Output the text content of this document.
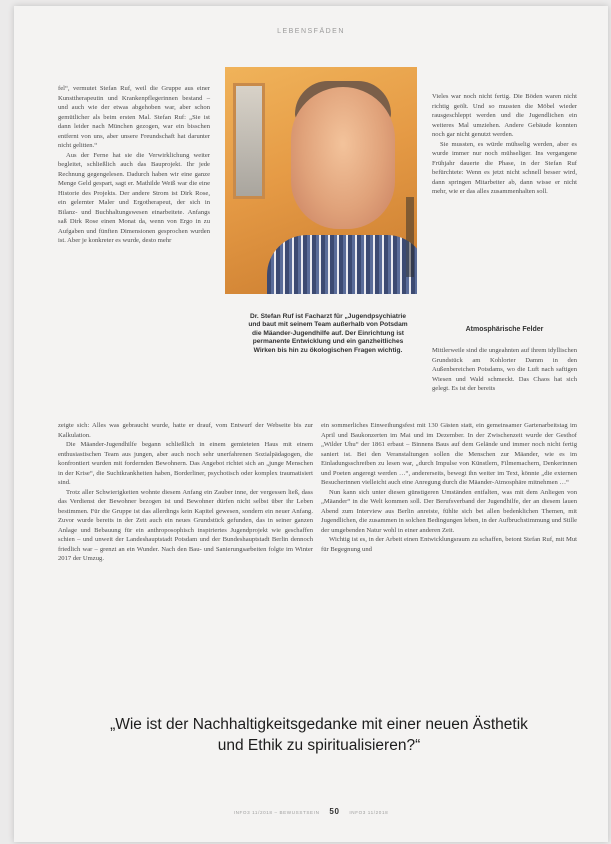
LEBENSFÄDEN

fel“, vermutet Stefan Ruf, weil die Gruppe aus einer Kunsttherapeutin und Krankenpflegerinnen bestand – und auch wie der etwas abgehoben war, aber schon gemütlicher als beim ersten Mal. Stefan Ruf: „Sie ist dann leider nach München gezogen, war ein bisschen entfernt von uns, aber unsere Freundschaft hat darunter nicht gelitten.“

Aus der Ferne hat sie die Verwirklichung weiter begleitet, schließlich auch das Bauprojekt. Ihr jede Rechnung gegengelesen. Dadurch haben wir eine ganze Menge Geld gespart, sagt er. Mathilde Weiß war die eine Historie des Projekts. Der andere Strom ist Dirk Rose, ein gelernter Maler und Ergotherapeut, der sich in Bilanz- und Buchhaltungswesen einarbeitete. Anfangs saß Dirk Rose einen Monat da, wenn von Ergo in zu Aufgaben und fünften Dimensionen gesprochen wurden ist. Aber je konkreter es wurde, desto mehr

Dr. Stefan Ruf ist Facharzt für „Jugendpsychiatrie und baut mit seinem Team außerhalb von Potsdam die Mäander-Jugendhilfe auf. Der Einrichtung ist permanente Entwicklung und ein ganzheitliches Wirken bis hin zu ökologischen Fragen wichtig.

Vieles war noch nicht fertig. Die Böden waren nicht richtig geölt. Und so mussten die Möbel wieder rausgeschleppt werden und die Jugendlichen ein weiteres Mal umziehen. Andere Gebäude konnten noch gar nicht genutzt werden.

Sie mussten, es würde mühselig werden, aber es wurde immer nur noch mühseliger. Ins vergangene Frühjahr dauerte die Phase, in der Stefan Ruf befürchtete: Wenn es jetzt nicht schnell besser wird, dann springen Mitarbeiter ab, dann wisse er nicht mehr, wie er das alles zusammenhalten soll.

Atmosphärische Felder

Mittlerweile sind die ungeahnten auf ihrem idyllischen Grundstück am Kohlorter Damm in den Außenbereichen Potsdams, wo die Luft nach saftigen Wiesen und Wald schmeckt. Das Chaos hat sich gelegt. Es ist der bereits

zeigte sich: Alles was gebraucht wurde, hatte er drauf, vom Entwurf der Webseite bis zur Kalkulation.

Die Mäander-Jugendhilfe begann schließlich in einem gemieteten Haus mit einem enthusiastischen Team aus jungen, aber auch noch sehr unerfahrenen Sozialpädagogen, die konfrontiert wurden mit fordernden Bewohnern. Das Angebot richtet sich an „junge Menschen in der Krise“, die Suchtkrankheiten haben, Borderliner, psychotisch oder komplex traumatisiert sind.

Trotz aller Schwierigkeiten wohnte diesem Anfang ein Zauber inne, der vergessen ließ, dass das Verdienst der Bewohner bezogen ist und Bewohner dürfen nicht selbst über ihr Leben bestimmen. Für die Gruppe ist das allerdings kein Kapitel gewesen, sondern ein neuer Anfang. Zuvor wurde bereits in der Zeit auch ein neues Grundstück gefunden, das in seiner ganzen Anlage und Bebauung für ein anthroposophisch inspiriertes Jugendprojekt wie geschaffen schien – und unweit der Landeshauptstadt Potsdam und der Bundeshauptstadt Berlin dennoch friedlich war – grenzt an ein Wunder. Nach den Bau- und Sanierungsarbeiten folgte im Winter 2017 der Umzug.

ein sommerliches Einweihungsfest mit 130 Gästen statt, ein gemeinsamer Gartenarbeitstag im April und Baukonzerten im Mai und im Dezember. In der Zwischenzeit wurde der Gesthof „Wilder Uhu“ der 1861 erbaut – Binnens Baus auf dem Gelände und immer noch nicht fertig saniert ist. Bei den Veranstaltungen sollen die Menschen zur Mäander, wie es im Einladungsschreiben zu lesen war, „durch Impulse von Künstlern, Filmemachern, Denkerinnen und Poeten angeregt werden …“, andererseits, bewegt ihn weiter im Text, könnte „die externen Besucherinnen vielleicht auch eine Anregung durch die Mäander-Atmosphäre mitnehmen …“

Nun kann sich unter diesen günstigeren Umständen entfalten, was mit dem Anliegen von „Mäander“ in die Welt kommen soll. Der Berufsverband der Jugendhilfe, der an diesem lauen Abend zum Interview aus Berlin anreiste, fühlte sich bei allen bedenklichen Themen, mit Jugendlichen, die zusammen in solchen Bedingungen leben, in der Aufbruchstimmung und Stille der umgebenden Natur wohl in einer anderen Zeit.

Wichtig ist es, in der Arbeit einen Entwicklungsraum zu schaffen, betont Stefan Ruf, mit Mut für Begegnung und

„Wie ist der Nachhaltigkeitsgedanke mit einer neuen Ästhetik
und Ethik zu spiritualisieren?“
INFO3 11/2018 – BEWUSSTSEIN 50 INFO3 11/2018
